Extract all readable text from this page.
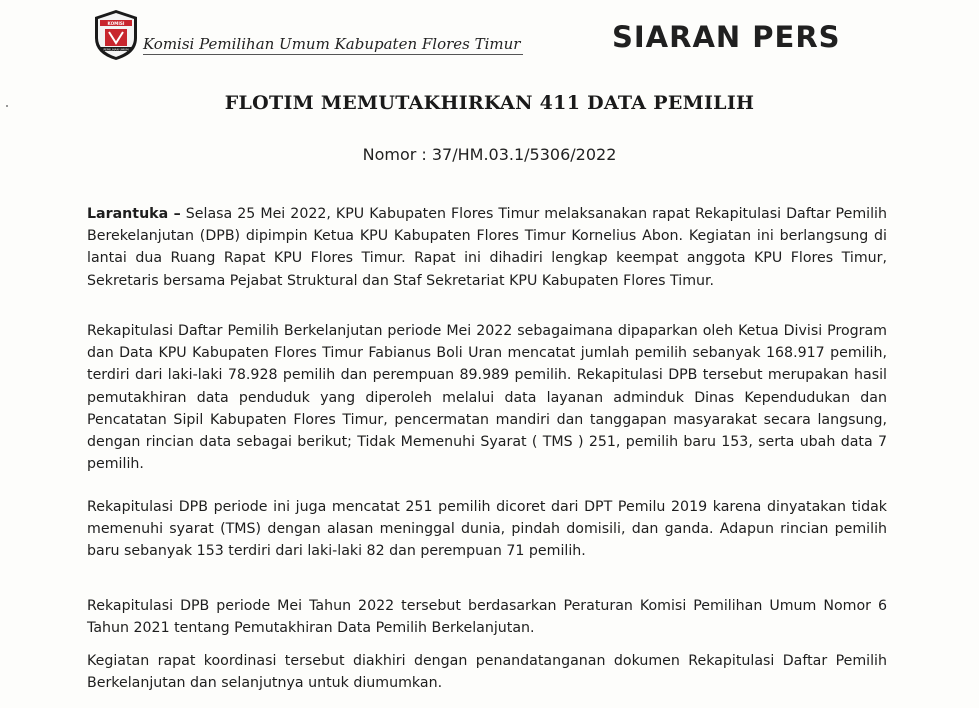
KOMISI
PEMILIHAN UMUM Komisi Pemilihan Umum Kabupaten Flores Timur	SIARAN PERS
FLOTIM MEMUTAKHIRKAN 411 DATA PEMILIH
Nomor : 37/HM.03.1/5306/2022
Larantuka – Selasa 25 Mei 2022, KPU Kabupaten Flores Timur melaksanakan rapat Rekapitulasi Daftar Pemilih Berekelanjutan (DPB) dipimpin Ketua KPU Kabupaten Flores Timur Kornelius Abon. Kegiatan ini berlangsung di lantai dua Ruang Rapat KPU Flores Timur. Rapat ini dihadiri lengkap keempat anggota KPU Flores Timur, Sekretaris bersama Pejabat Struktural dan Staf Sekretariat KPU Kabupaten Flores Timur.
Rekapitulasi Daftar Pemilih Berkelanjutan periode Mei 2022 sebagaimana dipaparkan oleh Ketua Divisi Program dan Data KPU Kabupaten Flores Timur Fabianus Boli Uran mencatat jumlah pemilih sebanyak 168.917 pemilih, terdiri dari laki-laki 78.928 pemilih dan perempuan 89.989 pemilih. Rekapitulasi DPB tersebut merupakan hasil pemutakhiran data penduduk yang diperoleh melalui data layanan adminduk Dinas Kependudukan dan Pencatatan Sipil Kabupaten Flores Timur, pencermatan mandiri dan tanggapan masyarakat secara langsung, dengan rincian data sebagai berikut; Tidak Memenuhi Syarat ( TMS ) 251, pemilih baru 153, serta ubah data 7 pemilih.
Rekapitulasi DPB periode ini juga mencatat 251 pemilih dicoret dari DPT Pemilu 2019 karena dinyatakan tidak memenuhi syarat (TMS) dengan alasan meninggal dunia, pindah domisili, dan ganda. Adapun rincian pemilih baru sebanyak 153 terdiri dari laki-laki 82 dan perempuan 71 pemilih.
Rekapitulasi DPB periode Mei Tahun 2022 tersebut berdasarkan Peraturan Komisi Pemilihan Umum Nomor 6 Tahun 2021 tentang Pemutakhiran Data Pemilih Berkelanjutan.
Kegiatan rapat koordinasi tersebut diakhiri dengan penandatanganan dokumen Rekapitulasi Daftar Pemilih Berkelanjutan dan selanjutnya untuk diumumkan.
